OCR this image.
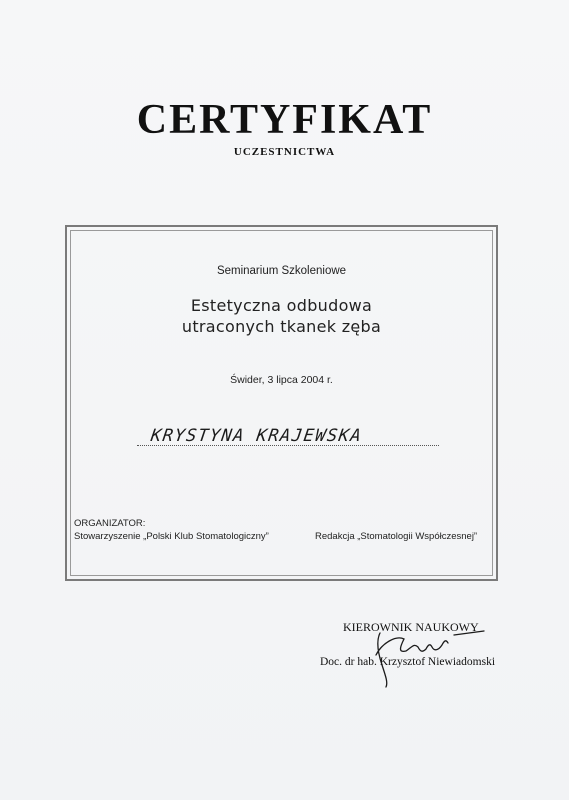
CERTYFIKAT
UCZESTNICTWA
Seminarium Szkoleniowe
Estetyczna odbudowa
utraconych tkanek zęba
Świder, 3 lipca 2004 r.
KRYSTYNA KRAJEWSKA
ORGANIZATOR:
Stowarzyszenie „Polski Klub Stomatologiczny”	Redakcja „Stomatologii Współczesnej”
KIEROWNIK NAUKOWY
Doc. dr hab. Krzysztof Niewiadomski
